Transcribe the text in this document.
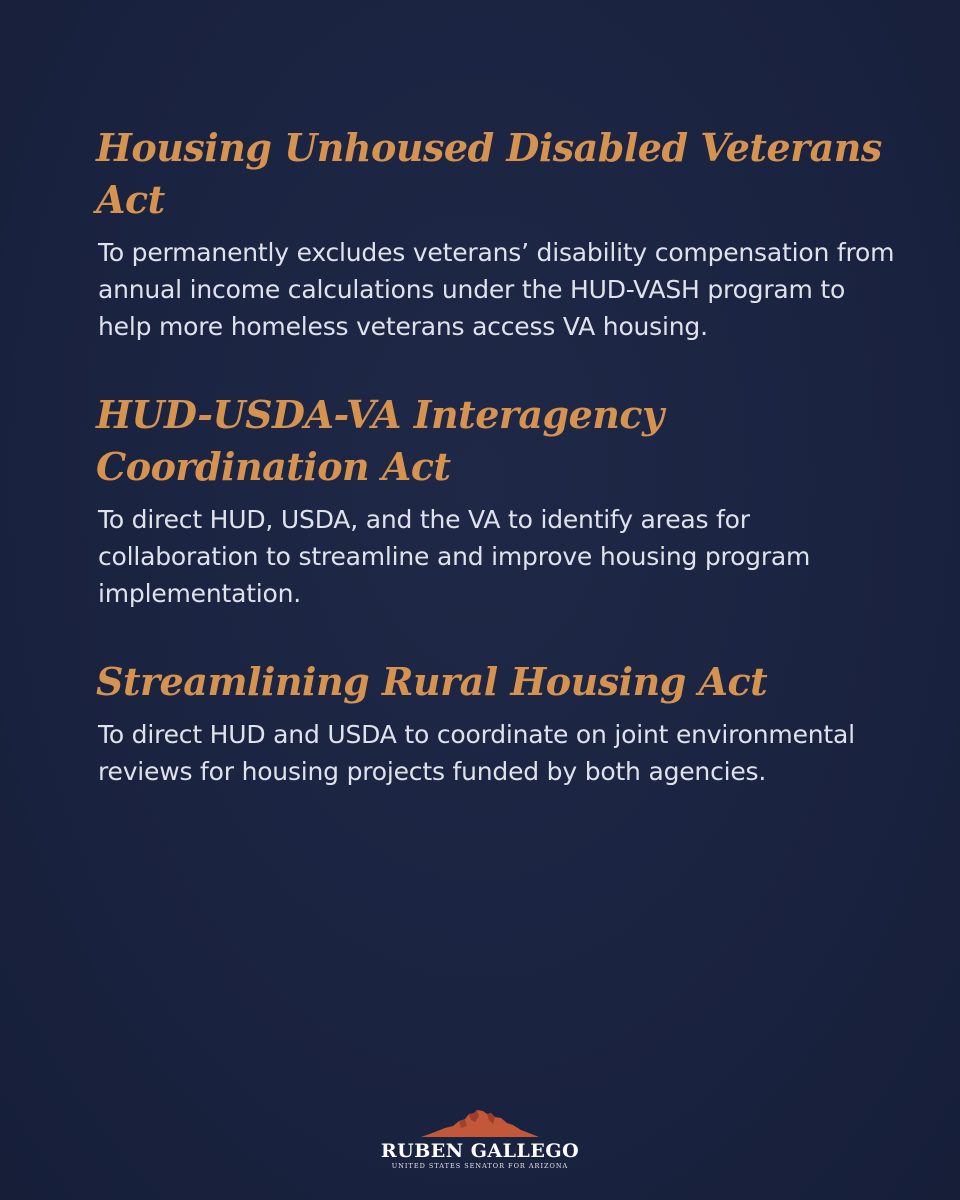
Housing Unhoused Disabled Veterans Act

To permanently excludes veterans’ disability compensation from annual income calculations under the HUD-VASH program to help more homeless veterans access VA housing.

HUD-USDA-VA Interagency Coordination Act

To direct HUD, USDA, and the VA to identify areas for collaboration to streamline and improve housing program implementation.

Streamlining Rural Housing Act

To direct HUD and USDA to coordinate on joint environmental reviews for housing projects funded by both agencies.

RUBEN GALLEGO
UNITED STATES SENATOR FOR ARIZONA
